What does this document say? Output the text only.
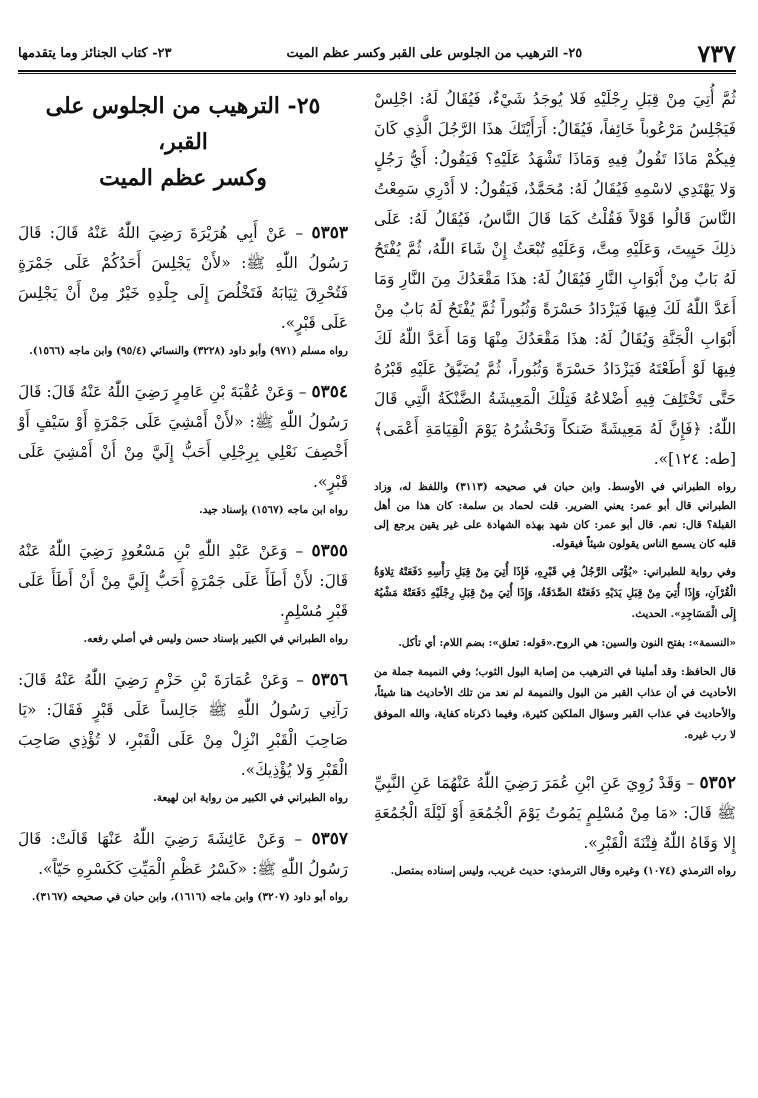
٧٣٧
٢٥- الترهيب من الجلوس على القبر وكسر عظم الميت
٢٣- كتاب الجنائز وما يتقدمها

ثُمَّ أُتِيَ مِنْ قِبَلِ رِجْلَيْهِ فَلا يُوجَدُ شَيْءٌ، فَيُقَالُ لَهُ: اجْلِسْ فَيَجْلِسُ مَرْعُوباً خَائِفاً، فَيُقَالُ: أَرَأَيْتَكَ هذَا الرَّجُلَ الَّذِي كَانَ فِيكُمْ مَاذَا تَقُولُ فِيهِ وَمَاذَا تَشْهَدُ عَلَيْهِ؟ فَيَقُولُ: أَيُّ رَجُلٍ وَلا يَهْتَدِي لاسْمِهِ فَيُقَالُ لَهُ: مُحَمَّدٌ، فَيَقُولُ: لا أَدْرِي سَمِعْتُ النَّاسَ قَالُوا قَوْلاً فَقُلْتُ كَمَا قَالَ النَّاسُ، فَيُقَالُ لَهُ: عَلَى ذلِكَ حَيِيتَ، وَعَلَيْهِ مِتَّ، وَعَلَيْهِ تُبْعَثُ إِنْ شَاءَ اللّٰهُ، ثُمَّ يُفْتَحُ لَهُ بَابٌ مِنْ أَبْوَابِ النَّارِ فَيُقَالُ لَهُ: هذَا مَقْعَدُكَ مِنَ النَّارِ وَمَا أَعَدَّ اللّٰهُ لَكَ فِيهَا فَيَزْدَادُ حَسْرَةً وَثُبُوراً ثُمَّ يُفْتَحُ لَهُ بَابٌ مِنْ أَبْوَابِ الْجَنَّةِ وَيُقَالُ لَهُ: هذَا مَقْعَدُكَ مِنْهَا وَمَا أَعَدَّ اللّٰهُ لَكَ فِيهَا لَوْ أَطَعْتَهُ فَيَزْدَادُ حَسْرَةً وَثُبُوراً، ثُمَّ يُضَيَّقُ عَلَيْهِ قَبْرُهُ حَتَّى تَخْتَلِفَ فِيهِ أَضْلاعُهُ فَتِلْكَ الْمَعِيشَةُ الضَّنْكَةُ الَّتِي قَالَ اللّٰهُ: ﴿فَإِنَّ لَهُ مَعِيشَةً ضَنكاً وَنَحْشُرُهُ يَوْمَ الْقِيَامَةِ أَعْمَى﴾ [طه: ١٢٤]».

رواه الطبراني في الأوسط. وابن حبان في صحيحه (٣١١٣) واللفظ له، وزاد الطبراني قال أبو عمر: يعني الضرير. قلت لحماد بن سلمة: كان هذا من أهل القبلة؟ قال: نعم. قال أبو عمر: كان شهد بهذه الشهادة على غير يقين يرجع إلى قلبه كان يسمع الناس يقولون شيئاً فيقوله.

وفي رواية للطبراني: «يُؤْتَى الرَّجُلُ فِي قَبْرِهِ، فَإِذَا أُتِيَ مِنْ قِبَلِ رَأْسِهِ دَفَعَتْهُ تِلاوَةُ الْقُرْآنِ، وَإِذَا أُتِيَ مِنْ قِبَلِ يَدَيْهِ دَفَعَتْهُ الصَّدَقَةُ، وَإِذَا أُتِيَ مِنْ قِبَلِ رِجْلَيْهِ دَفَعَتْهُ مَشْيُهُ إِلَى الْمَسَاجِدِ». الحديث.

«النسمة»: بفتح النون والسين: هي الروح.«قوله: تعلق»: بضم اللام: أي تأكل.

قال الحافظ: وقد أملينا في الترهيب من إصابة البول الثوب؛ وفي النميمة جملة من الأحاديث في أن عذاب القبر من البول والنميمة لم نعد من تلك الأحاديث هنا شيئاً، والأحاديث في عذاب القبر وسؤال الملكين كثيرة، وفيما ذكرناه كفاية، والله الموفق لا رب غيره.

٥٣٥٢ – وَقَدْ رُوِيَ عَنِ ابْنِ عُمَرَ رَضِيَ اللّٰهُ عَنْهُمَا عَنِ النَّبِيِّ ﷺ قَالَ: «مَا مِنْ مُسْلِمٍ يَمُوتُ يَوْمَ الْجُمُعَةِ أَوْ لَيْلَةَ الْجُمُعَةِ إِلا وَقَاهُ اللّٰهُ فِتْنَةَ الْقَبْرِ».

رواه الترمذي (١٠٧٤) وغيره وقال الترمذي: حديث غريب، وليس إسناده بمتصل.

٢٥- الترهيب من الجلوس على القبر،
وكسر عظم الميت

٥٣٥٣ – عَنْ أَبِي هُرَيْرَةَ رَضِيَ اللّٰهُ عَنْهُ قَالَ: قَالَ رَسُولُ اللّٰهِ ﷺ: «لأَنْ يَجْلِسَ أَحَدُكُمْ عَلَى جَمْرَةٍ فَتُحْرِقَ ثِيَابَهُ فَتَخْلُصَ إِلَى جِلْدِهِ خَيْرٌ مِنْ أَنْ يَجْلِسَ عَلَى قَبْرٍ».

رواه مسلم (٩٧١) وأبو داود (٣٢٢٨) والنسائي (٩٥/٤) وابن ماجه (١٥٦٦).

٥٣٥٤ – وَعَنْ عُقْبَةَ بْنِ عَامِرٍ رَضِيَ اللّٰهُ عَنْهُ قَالَ: قَالَ رَسُولُ اللّٰهِ ﷺ: «لأَنْ أَمْشِيَ عَلَى جَمْرَةٍ أَوْ سَيْفٍ أَوْ أَخْصِفَ نَعْلِي بِرِجْلِي أَحَبُّ إِلَيَّ مِنْ أَنْ أَمْشِيَ عَلَى قَبْرٍ».

رواه ابن ماجه (١٥٦٧) بإسناد جيد.

٥٣٥٥ – وَعَنْ عَبْدِ اللّٰهِ بْنِ مَسْعُودٍ رَضِيَ اللّٰهُ عَنْهُ قَالَ: لأَنْ أَطَأَ عَلَى جَمْرَةٍ أَحَبُّ إِلَيَّ مِنْ أَنْ أَطَأَ عَلَى قَبْرِ مُسْلِمٍ.

رواه الطبراني في الكبير بإسناد حسن وليس في أصلي رفعه.

٥٣٥٦ – وَعَنْ عُمَارَةَ بْنِ حَزْمٍ رَضِيَ اللّٰهُ عَنْهُ قَالَ: رَآنِي رَسُولُ اللّٰهِ ﷺ جَالِساً عَلَى قَبْرٍ فَقَالَ: «يَا صَاحِبَ الْقَبْرِ انْزِلْ مِنْ عَلَى الْقَبْرِ، لا تُؤْذِي صَاحِبَ الْقَبْرِ وَلا يُؤْذِيكَ».

رواه الطبراني في الكبير من رواية ابن لهيعة.

٥٣٥٧ – وَعَنْ عَائِشَةَ رَضِيَ اللّٰهُ عَنْهَا قَالَتْ: قَالَ رَسُولُ اللّٰهِ ﷺ: «كَسْرُ عَظْمِ الْمَيِّتِ كَكَسْرِهِ حَيّاً».

رواه أبو داود (٣٢٠٧) وابن ماجه (١٦١٦)، وابن حبان في صحيحه (٣١٦٧).
